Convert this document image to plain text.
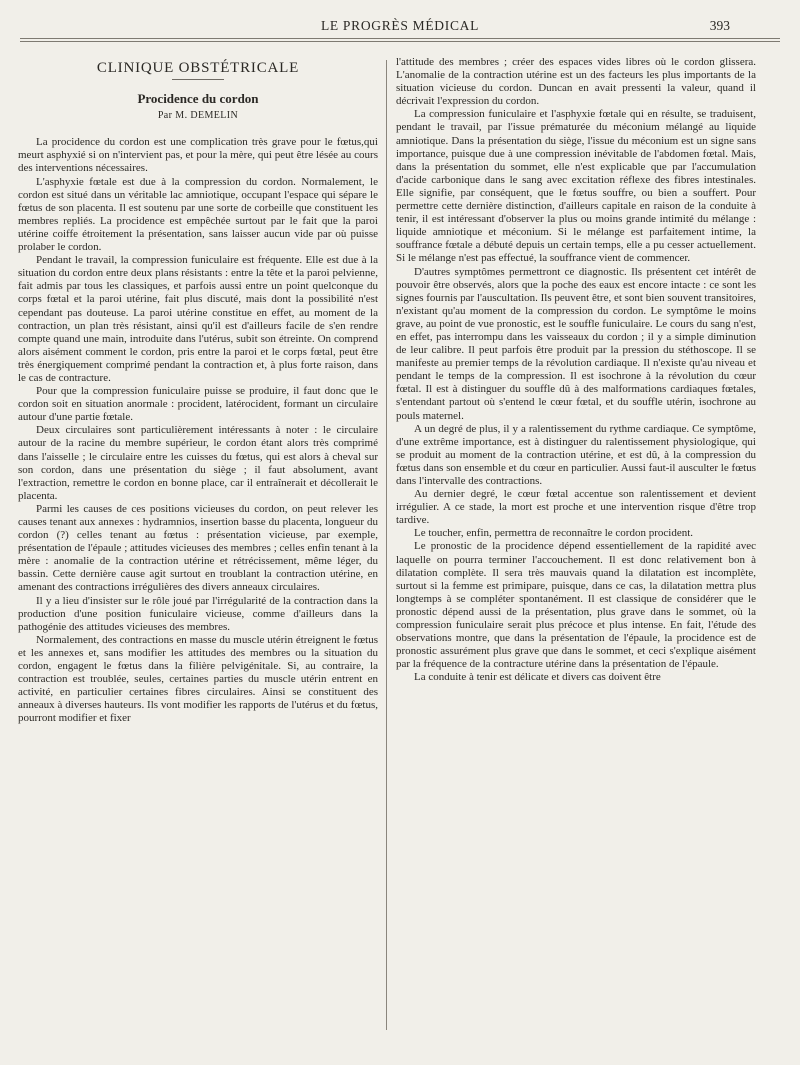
LE PROGRÈS MÉDICAL	393
CLINIQUE OBSTÉTRICALE
Procidence du cordon
Par M. DEMELIN

La procidence du cordon est une complication très grave pour le fœtus,qui meurt asphyxié si on n'intervient pas, et pour la mère, qui peut être lésée au cours des interventions nécessaires.

L'asphyxie fœtale est due à la compression du cordon. Normalement, le cordon est situé dans un véritable lac amniotique, occupant l'espace qui sépare le fœtus de son placenta. Il est soutenu par une sorte de corbeille que constituent les membres repliés. La procidence est empêchée surtout par le fait que la paroi utérine coiffe étroitement la présentation, sans laisser aucun vide par où puisse prolaber le cordon.

Pendant le travail, la compression funiculaire est fréquente. Elle est due à la situation du cordon entre deux plans résistants : entre la tête et la paroi pelvienne, fait admis par tous les classiques, et parfois aussi entre un point quelconque du corps fœtal et la paroi utérine, fait plus discuté, mais dont la possibilité n'est cependant pas douteuse. La paroi utérine constitue en effet, au moment de la contraction, un plan très résistant, ainsi qu'il est d'ailleurs facile de s'en rendre compte quand une main, introduite dans l'utérus, subit son étreinte. On comprend alors aisément comment le cordon, pris entre la paroi et le corps fœtal, peut être très énergiquement comprimé pendant la contraction et, à plus forte raison, dans le cas de contracture.

Pour que la compression funiculaire puisse se produire, il faut donc que le cordon soit en situation anormale : procident, latérocident, formant un circulaire autour d'une partie fœtale.

Deux circulaires sont particulièrement intéressants à noter : le circulaire autour de la racine du membre supérieur, le cordon étant alors très comprimé dans l'aisselle ; le circulaire entre les cuisses du fœtus, qui est alors à cheval sur son cordon, dans une présentation du siège ; il faut absolument, avant l'extraction, remettre le cordon en bonne place, car il entraînerait et décollerait le placenta.

Parmi les causes de ces positions vicieuses du cordon, on peut relever les causes tenant aux annexes : hydramnios, insertion basse du placenta, longueur du cordon (?) celles tenant au fœtus : présentation vicieuse, par exemple, présentation de l'épaule ; attitudes vicieuses des membres ; celles enfin tenant à la mère : anomalie de la contraction utérine et rétrécissement, même léger, du bassin. Cette dernière cause agit surtout en troublant la contraction utérine, en amenant des contractions irrégulières des divers anneaux circulaires.

Il y a lieu d'insister sur le rôle joué par l'irrégularité de la contraction dans la production d'une position funiculaire vicieuse, comme d'ailleurs dans la pathogénie des attitudes vicieuses des membres.

Normalement, des contractions en masse du muscle utérin étreignent le fœtus et les annexes et, sans modifier les attitudes des membres ou la situation du cordon, engagent le fœtus dans la filière pelvigénitale. Si, au contraire, la contraction est troublée, seules, certaines parties du muscle utérin entrent en activité, en particulier certaines fibres circulaires. Ainsi se constituent des anneaux à diverses hauteurs. Ils vont modifier les rapports de l'utérus et du fœtus, pourront modifier et fixer

l'attitude des membres ; créer des espaces vides libres où le cordon glissera. L'anomalie de la contraction utérine est un des facteurs les plus importants de la situation vicieuse du cordon. Duncan en avait pressenti la valeur, quand il décrivait l'expression du cordon.

La compression funiculaire et l'asphyxie fœtale qui en résulte, se traduisent, pendant le travail, par l'issue prématurée du méconium mélangé au liquide amniotique. Dans la présentation du siège, l'issue du méconium est un signe sans importance, puisque due à une compression inévitable de l'abdomen fœtal. Mais, dans la présentation du sommet, elle n'est explicable que par l'accumulation d'acide carbonique dans le sang avec excitation réflexe des fibres intestinales. Elle signifie, par conséquent, que le fœtus souffre, ou bien a souffert. Pour permettre cette dernière distinction, d'ailleurs capitale en raison de la conduite à tenir, il est intéressant d'observer la plus ou moins grande intimité du mélange : liquide amniotique et méconium. Si le mélange est parfaitement intime, la souffrance fœtale a débuté depuis un certain temps, elle a pu cesser actuellement. Si le mélange n'est pas effectué, la souffrance vient de commencer.

D'autres symptômes permettront ce diagnostic. Ils présentent cet intérêt de pouvoir être observés, alors que la poche des eaux est encore intacte : ce sont les signes fournis par l'auscultation. Ils peuvent être, et sont bien souvent transitoires, n'existant qu'au moment de la compression du cordon. Le symptôme le moins grave, au point de vue pronostic, est le souffle funiculaire. Le cours du sang n'est, en effet, pas interrompu dans les vaisseaux du cordon ; il y a simple diminution de leur calibre. Il peut parfois être produit par la pression du stéthoscope. Il se manifeste au premier temps de la révolution cardiaque. Il n'existe qu'au niveau et pendant le temps de la compression. Il est isochrone à la révolution du cœur fœtal. Il est à distinguer du souffle dû à des malformations cardiaques fœtales, s'entendant partout où s'entend le cœur fœtal, et du souffle utérin, isochrone au pouls maternel.

A un degré de plus, il y a ralentissement du rythme cardiaque. Ce symptôme, d'une extrême importance, est à distinguer du ralentissement physiologique, qui se produit au moment de la contraction utérine, et est dû, à la compression du fœtus dans son ensemble et du cœur en particulier. Aussi faut-il ausculter le fœtus dans l'intervalle des contractions.

Au dernier degré, le cœur fœtal accentue son ralentissement et devient irrégulier. A ce stade, la mort est proche et une intervention risque d'être trop tardive.

Le toucher, enfin, permettra de reconnaître le cordon procident.

Le pronostic de la procidence dépend essentiellement de la rapidité avec laquelle on pourra terminer l'accouchement. Il est donc relativement bon à dilatation complète. Il sera très mauvais quand la dilatation est incomplète, surtout si la femme est primipare, puisque, dans ce cas, la dilatation mettra plus longtemps à se compléter spontanément. Il est classique de considérer que le pronostic dépend aussi de la présentation, plus grave dans le sommet, où la compression funiculaire serait plus précoce et plus intense. En fait, l'étude des observations montre, que dans la présentation de l'épaule, la procidence est de pronostic assurément plus grave que dans le sommet, et ceci s'explique aisément par la fréquence de la contracture utérine dans la présentation de l'épaule.

La conduite à tenir est délicate et divers cas doivent être
